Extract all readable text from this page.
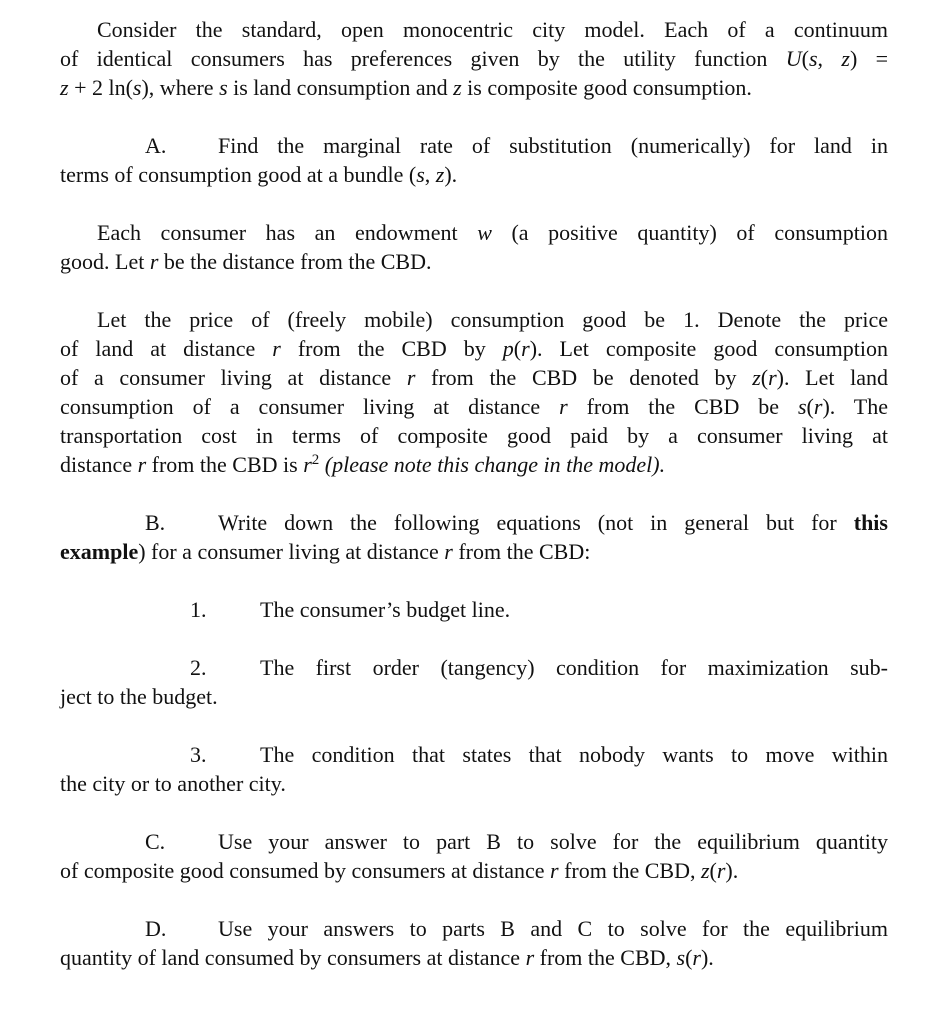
Consider the standard, open monocentric city model. Each of a continuum
of identical consumers has preferences given by the utility function U(s, z) =
z + 2 ln(s), where s is land consumption and z is composite good consumption.
A. Find the marginal rate of substitution (numerically) for land in
terms of consumption good at a bundle (s, z).
Each consumer has an endowment w (a positive quantity) of consumption
good. Let r be the distance from the CBD.
Let the price of (freely mobile) consumption good be 1. Denote the price
of land at distance r from the CBD by p(r). Let composite good consumption
of a consumer living at distance r from the CBD be denoted by z(r). Let land
consumption of a consumer living at distance r from the CBD be s(r). The
transportation cost in terms of composite good paid by a consumer living at
distance r from the CBD is $r^2$ (please note this change in the model).
B. Write down the following equations (not in general but for this
example) for a consumer living at distance r from the CBD:
1. The consumer’s budget line.
2. The first order (tangency) condition for maximization sub-
ject to the budget.
3. The condition that states that nobody wants to move within
the city or to another city.
C. Use your answer to part B to solve for the equilibrium quantity
of composite good consumed by consumers at distance r from the CBD, z(r).
D. Use your answers to parts B and C to solve for the equilibrium
quantity of land consumed by consumers at distance r from the CBD, s(r).
